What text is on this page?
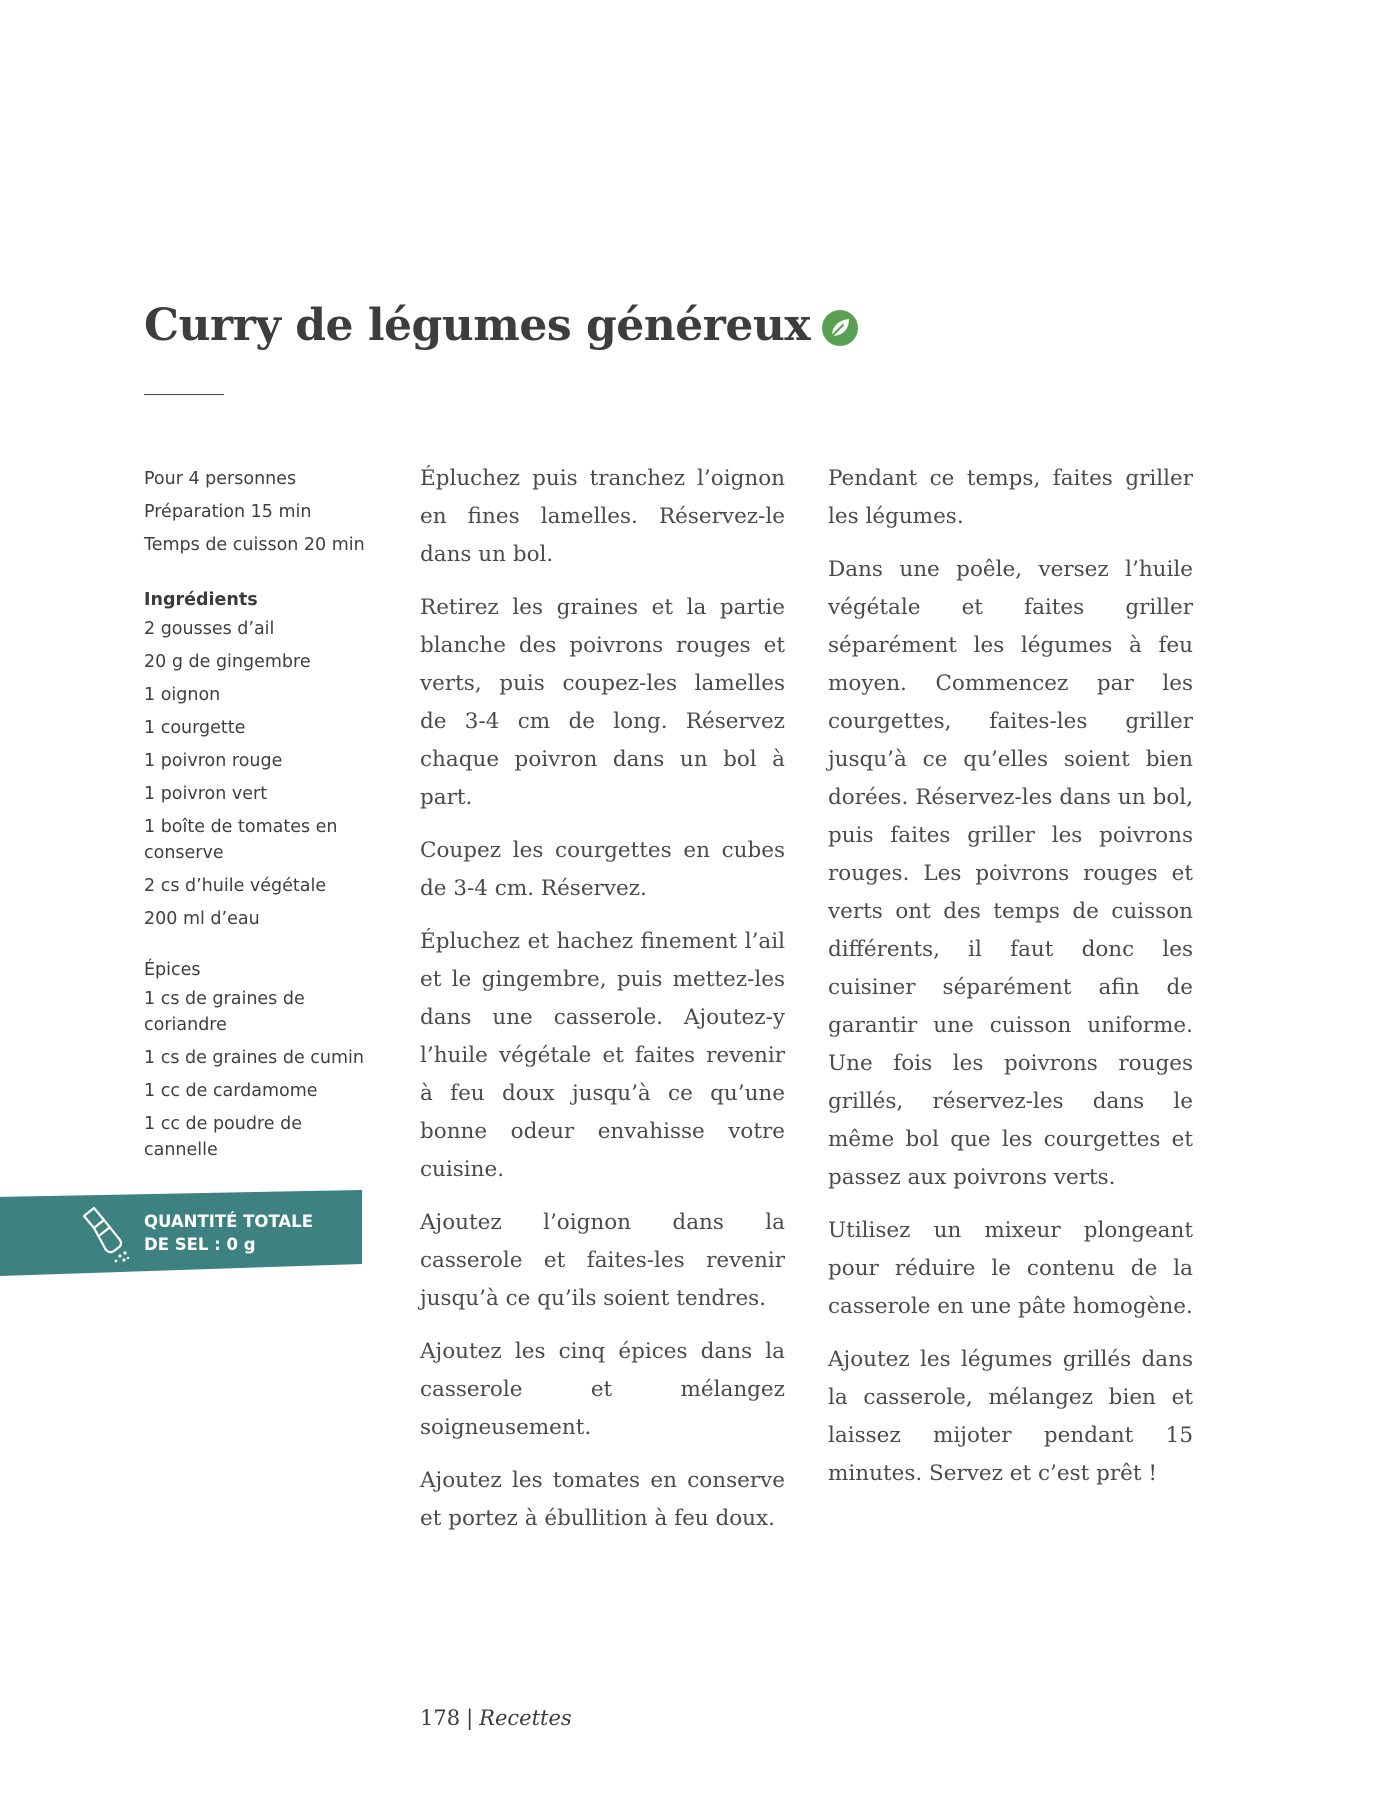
Curry de légumes généreux
Pour 4 personnes
Préparation 15 min
Temps de cuisson 20 min
Ingrédients
2 gousses d’ail
20 g de gingembre
1 oignon
1 courgette
1 poivron rouge
1 poivron vert
1 boîte de tomates en conserve
2 cs d’huile végétale
200 ml d’eau
Épices
1 cs de graines de coriandre
1 cs de graines de cumin
1 cc de cardamome
1 cc de poudre de cannelle
QUANTITÉ TOTALE
DE SEL : 0 g

Épluchez puis tranchez l’oignon en fines lamelles. Réservez-le dans un bol.

Retirez les graines et la partie blanche des poivrons rouges et verts, puis coupez-les lamelles de 3-4 cm de long. Réservez chaque poivron dans un bol à part.

Coupez les courgettes en cubes de 3-4 cm. Réservez.

Épluchez et hachez finement l’ail et le gingembre, puis mettez-les dans une casserole. Ajoutez-y l’huile végétale et faites revenir à feu doux jusqu’à ce qu’une bonne odeur envahisse votre cuisine.

Ajoutez l’oignon dans la casserole et faites-les revenir jusqu’à ce qu’ils soient tendres.

Ajoutez les cinq épices dans la casserole et mélangez soigneusement.

Ajoutez les tomates en conserve et portez à ébullition à feu doux.

Pendant ce temps, faites griller les légumes.

Dans une poêle, versez l’huile végétale et faites griller séparément les légumes à feu moyen. Commencez par les courgettes, faites-les griller jusqu’à ce qu’elles soient bien dorées. Réservez-les dans un bol, puis faites griller les poivrons rouges. Les poivrons rouges et verts ont des temps de cuisson différents, il faut donc les cuisiner séparément afin de garantir une cuisson uniforme. Une fois les poivrons rouges grillés, réservez-les dans le même bol que les courgettes et passez aux poivrons verts.

Utilisez un mixeur plongeant pour réduire le contenu de la casserole en une pâte homogène.

Ajoutez les légumes grillés dans la casserole, mélangez bien et laissez mijoter pendant 15 minutes. Servez et c’est prêt !

178 | Recettes
